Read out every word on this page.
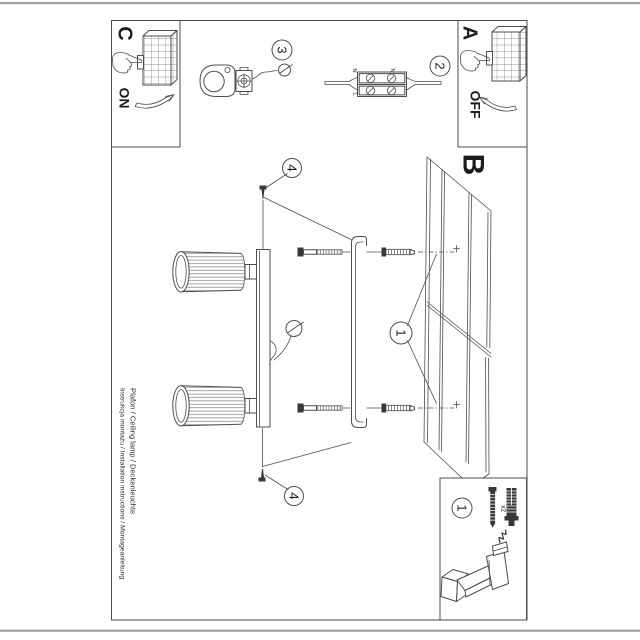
C
ON
3
2
N	N
L
A
OFF
B
1
4
4
1	x2
Instrukcja montażu / Installation instructions / Montageanleitung Plafon / Ceiling lamp / Deckenleuchte
